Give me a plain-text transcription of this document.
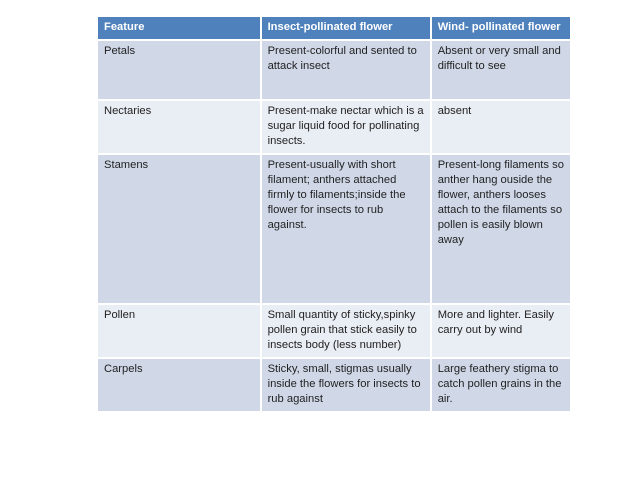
Feature	Insect-pollinated flower	Wind- pollinated flower
Petals	Present-colorful and sented to attack insect	Absent or very small and difficult to see
Nectaries	Present-make nectar which is a sugar liquid food for pollinating insects.	absent
Stamens	Present-usually with short filament; anthers attached firmly to filaments;inside the flower for insects to rub against.	Present-long filaments so anther hang ouside the flower, anthers looses attach to the filaments so pollen is easily blown away
Pollen	Small quantity of sticky,spinky pollen grain that stick easily to insects body (less number)	More and lighter. Easily carry out by wind
Carpels	Sticky, small, stigmas usually inside the flowers for insects to rub against	Large feathery stigma to catch pollen grains in the air.
